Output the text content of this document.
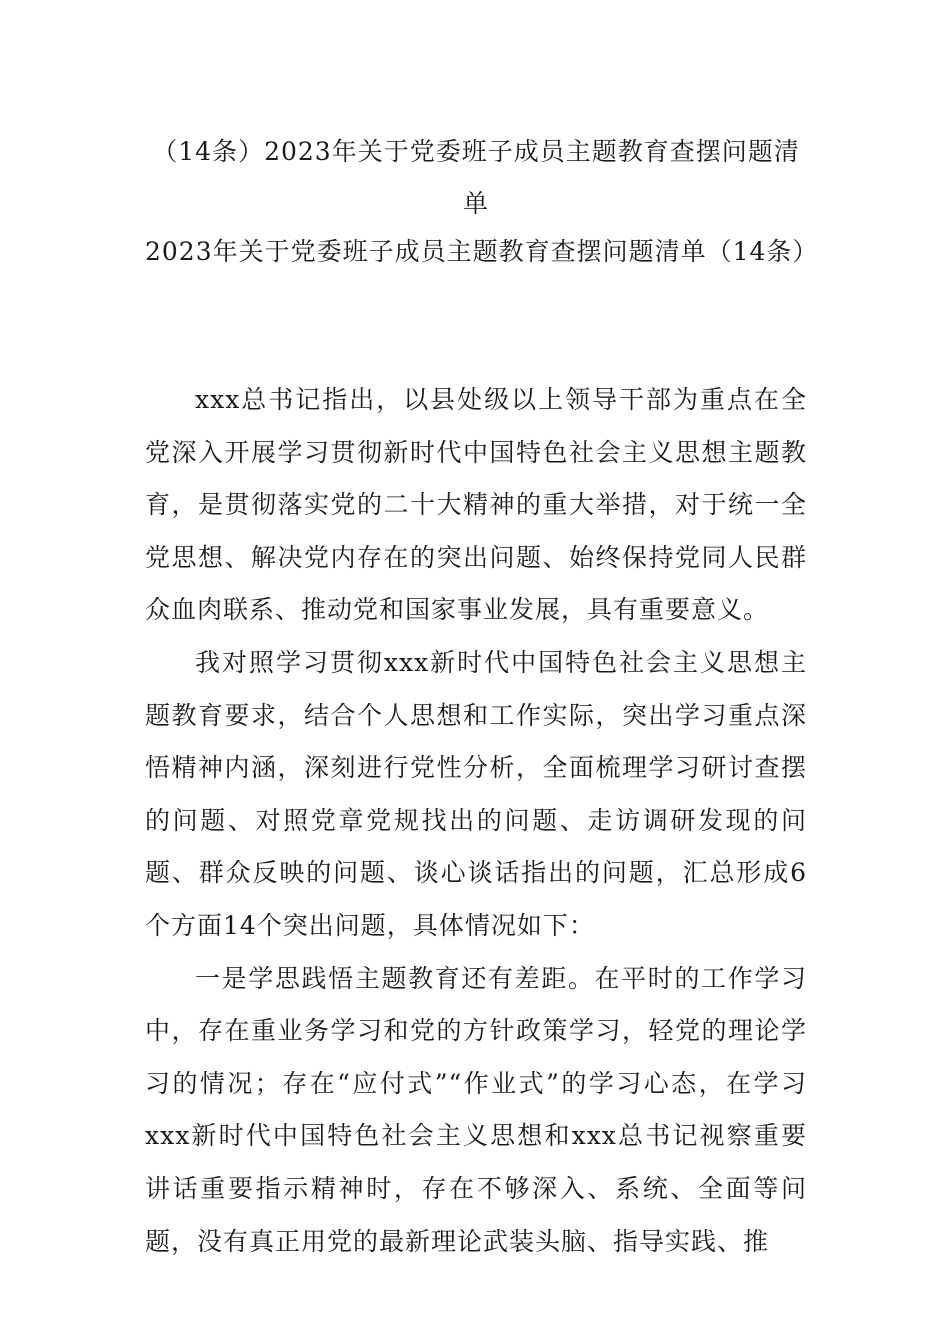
（14条）2023年关于党委班子成员主题教育查摆问题清单
2023年关于党委班子成员主题教育查摆问题清单（14条）

xxx总书记指出，以县处级以上领导干部为重点在全党深入开展学习贯彻新时代中国特色社会主义思想主题教育，是贯彻落实党的二十大精神的重大举措，对于统一全党思想、解决党内存在的突出问题、始终保持党同人民群众血肉联系、推动党和国家事业发展，具有重要意义。

我对照学习贯彻xxx新时代中国特色社会主义思想主题教育要求，结合个人思想和工作实际，突出学习重点深悟精神内涵，深刻进行党性分析，全面梳理学习研讨查摆的问题、对照党章党规找出的问题、走访调研发现的问题、群众反映的问题、谈心谈话指出的问题，汇总形成6个方面14个突出问题，具体情况如下：

一是学思践悟主题教育还有差距。在平时的工作学习中，存在重业务学习和党的方针政策学习，轻党的理论学习的情况；存在“应付式”“作业式”的学习心态，在学习xxx新时代中国特色社会主义思想和xxx总书记视察重要讲话重要指示精神时，存在不够深入、系统、全面等问题，没有真正用党的最新理论武装头脑、指导实践、推
